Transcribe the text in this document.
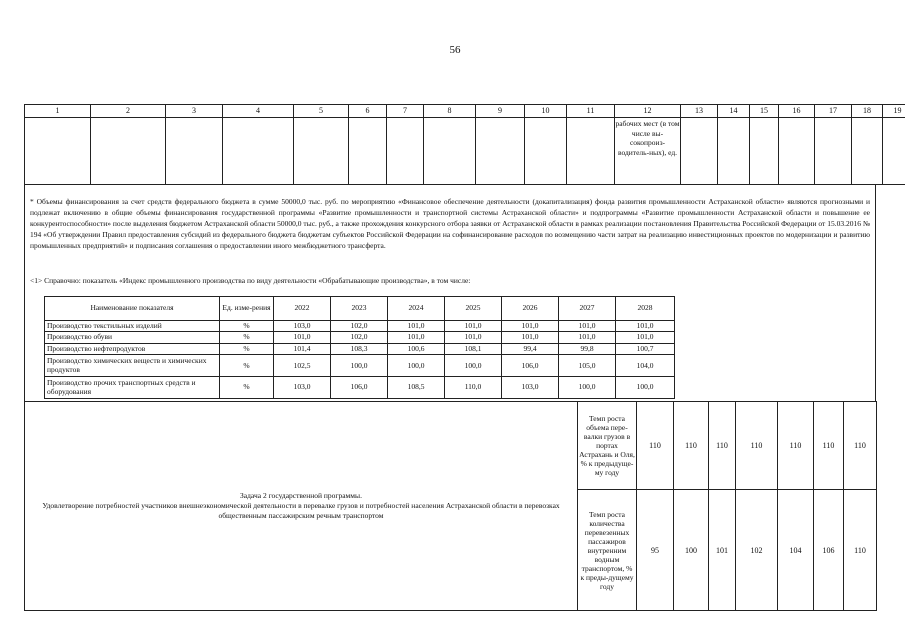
56
1	2	3	4	5	6	7	8	9	10	11	12	13	14	15	16	17	18	19
											рабочих мест (в том числе вы-сокопроиз-водитель-ных), ед.							
* Объемы финансирования за счет средств федерального бюджета в сумме 50000,0 тыс. руб. по мероприятию «Финансовое обеспечение деятельности (докапитализация) фонда развития промышленности Астраханской области» являются прогнозными и подлежат включению в общие объемы финансирования государственной программы «Развитие промышленности и транспортной системы Астраханской области» и подпрограммы «Развитие промышленности Астраханской области и повышение ее конкурентоспособности» после выделения бюджетом Астраханской области 50000,0 тыс. руб., а также прохождения конкурсного отбора заявки от Астраханской области в рамках реализации постановления Правительства Российской Федерации от 15.03.2016 № 194 «Об утверждении Правил предоставления субсидий из федерального бюджета бюджетам субъектов Российской Федерации на софинансирование расходов по возмещению части затрат на реализацию инвестиционных проектов по модернизации и развитию промышленных предприятий» и подписания соглашения о предоставлении иного межбюджетного трансферта.
<1> Справочно: показатель «Индекс промышленного производства по виду деятельности «Обрабатывающие производства», в том числе:
Наименование показателя	Ед. изме-рения	2022	2023	2024	2025	2026	2027	2028
Производство текстильных изделий	%	103,0	102,0	101,0	101,0	101,0	101,0	101,0
Производство обуви	%	101,0	102,0	101,0	101,0	101,0	101,0	101,0
Производство нефтепродуктов	%	101,4	108,3	100,6	108,1	99,4	99,8	100,7
Производство химических веществ и химических продуктов	%	102,5	100,0	100,0	100,0	106,0	105,0	104,0
Производство прочих транспортных средств и оборудования	%	103,0	106,0	108,5	110,0	103,0	100,0	100,0
Задача 2 государственной программы.
Удовлетворение потребностей участников внешнеэкономической деятельности в перевалке грузов и потребностей населения Астраханской области в перевозках общественным пассажирским речным транспортом	Темп роста объема пере-валки грузов в портах Астрахань и Оля, % к предыдуще-му году	110	110	110	110	110	110	110
	Темп роста количества перевезенных пассажиров внутренним водным транспортом, % к преды-дущему году	95	100	101	102	104	106	110
